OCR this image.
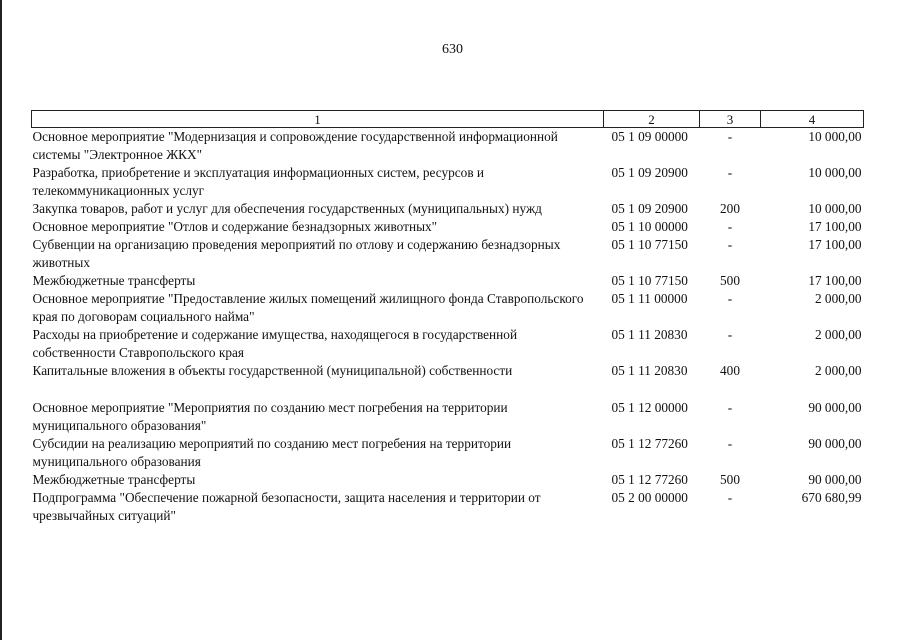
630
1	2	3	4
Основное мероприятие "Модернизация и сопровождение государственной информационной системы "Электронное ЖКХ"	05 1 09 00000	-	10 000,00
Разработка, приобретение и эксплуатация информационных систем, ресурсов и телекоммуникационных услуг	05 1 09 20900	-	10 000,00
Закупка товаров, работ и услуг для обеспечения государственных (муниципальных) нужд	05 1 09 20900	200	10 000,00
Основное мероприятие "Отлов и содержание безнадзорных животных"	05 1 10 00000	-	17 100,00
Субвенции на организацию проведения мероприятий по отлову и содержанию безнадзорных животных	05 1 10 77150	-	17 100,00
Межбюджетные трансферты	05 1 10 77150	500	17 100,00
Основное мероприятие "Предоставление жилых помещений жилищного фонда Ставропольского края по договорам социального найма"	05 1 11 00000	-	2 000,00
Расходы на приобретение и содержание имущества, находящегося в государственной собственности Ставропольского края	05 1 11 20830	-	2 000,00
Капитальные вложения в объекты государственной (муниципальной) собственности	05 1 11 20830	400	2 000,00
Основное мероприятие "Мероприятия по созданию мест погребения на территории муниципального образования"	05 1 12 00000	-	90 000,00
Субсидии на реализацию мероприятий по созданию мест погребения на территории муниципального образования	05 1 12 77260	-	90 000,00
Межбюджетные трансферты	05 1 12 77260	500	90 000,00
Подпрограмма "Обеспечение пожарной безопасности, защита населения и территории от чрезвычайных ситуаций"	05 2 00 00000	-	670 680,99
